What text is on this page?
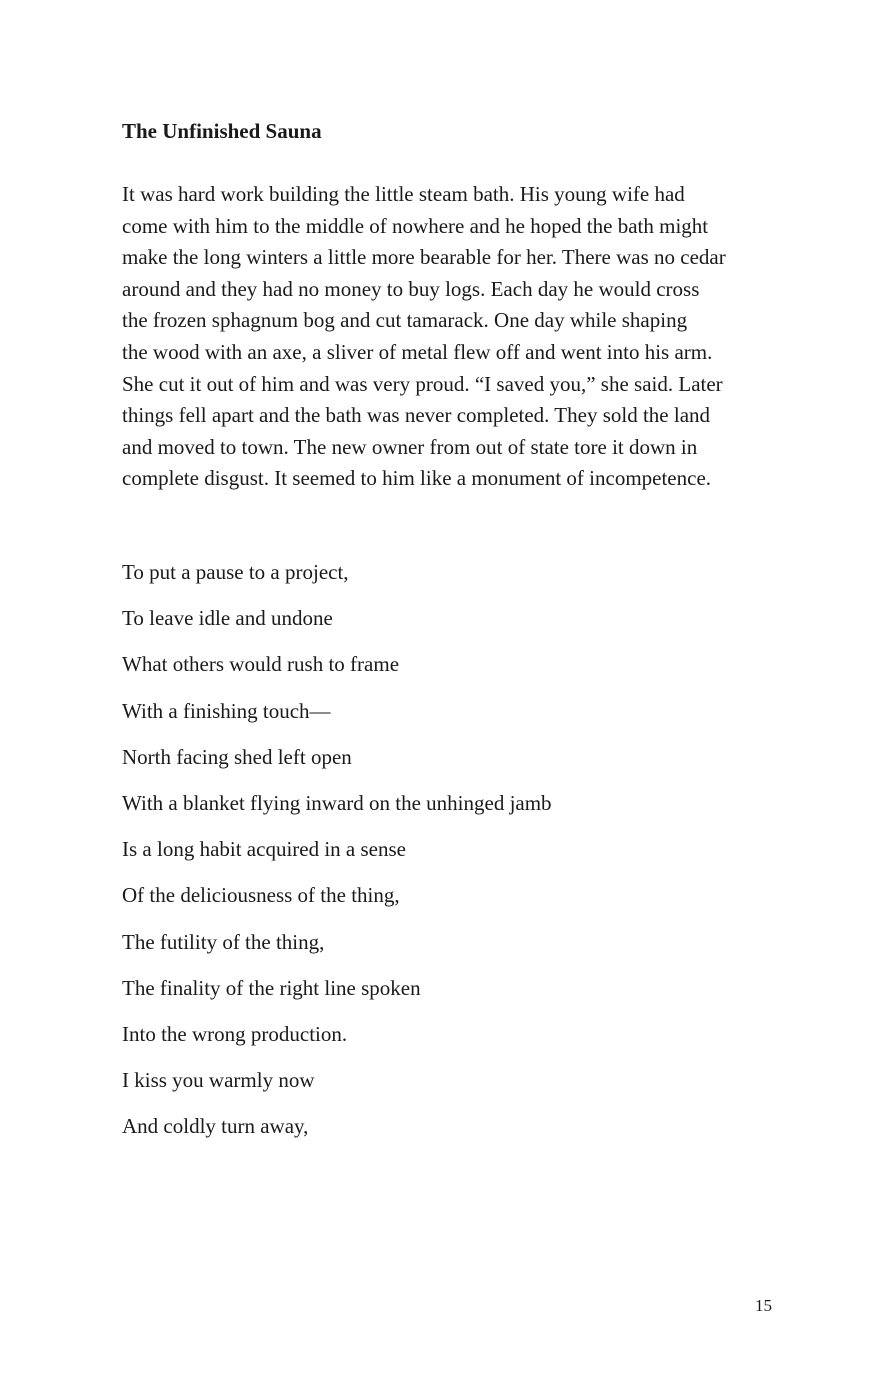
The Unfinished Sauna
It was hard work building the little steam bath. His young wife had
come with him to the middle of nowhere and he hoped the bath might
make the long winters a little more bearable for her. There was no cedar
around and they had no money to buy logs. Each day he would cross
the frozen sphagnum bog and cut tamarack. One day while shaping
the wood with an axe, a sliver of metal flew off and went into his arm.
She cut it out of him and was very proud. “I saved you,” she said. Later
things fell apart and the bath was never completed. They sold the land
and moved to town. The new owner from out of state tore it down in
complete disgust. It seemed to him like a monument of incompetence.
To put a pause to a project,
To leave idle and undone
What others would rush to frame
With a finishing touch—
North facing shed left open
With a blanket flying inward on the unhinged jamb
Is a long habit acquired in a sense
Of the deliciousness of the thing,
The futility of the thing,
The finality of the right line spoken
Into the wrong production.
I kiss you warmly now
And coldly turn away,
15
